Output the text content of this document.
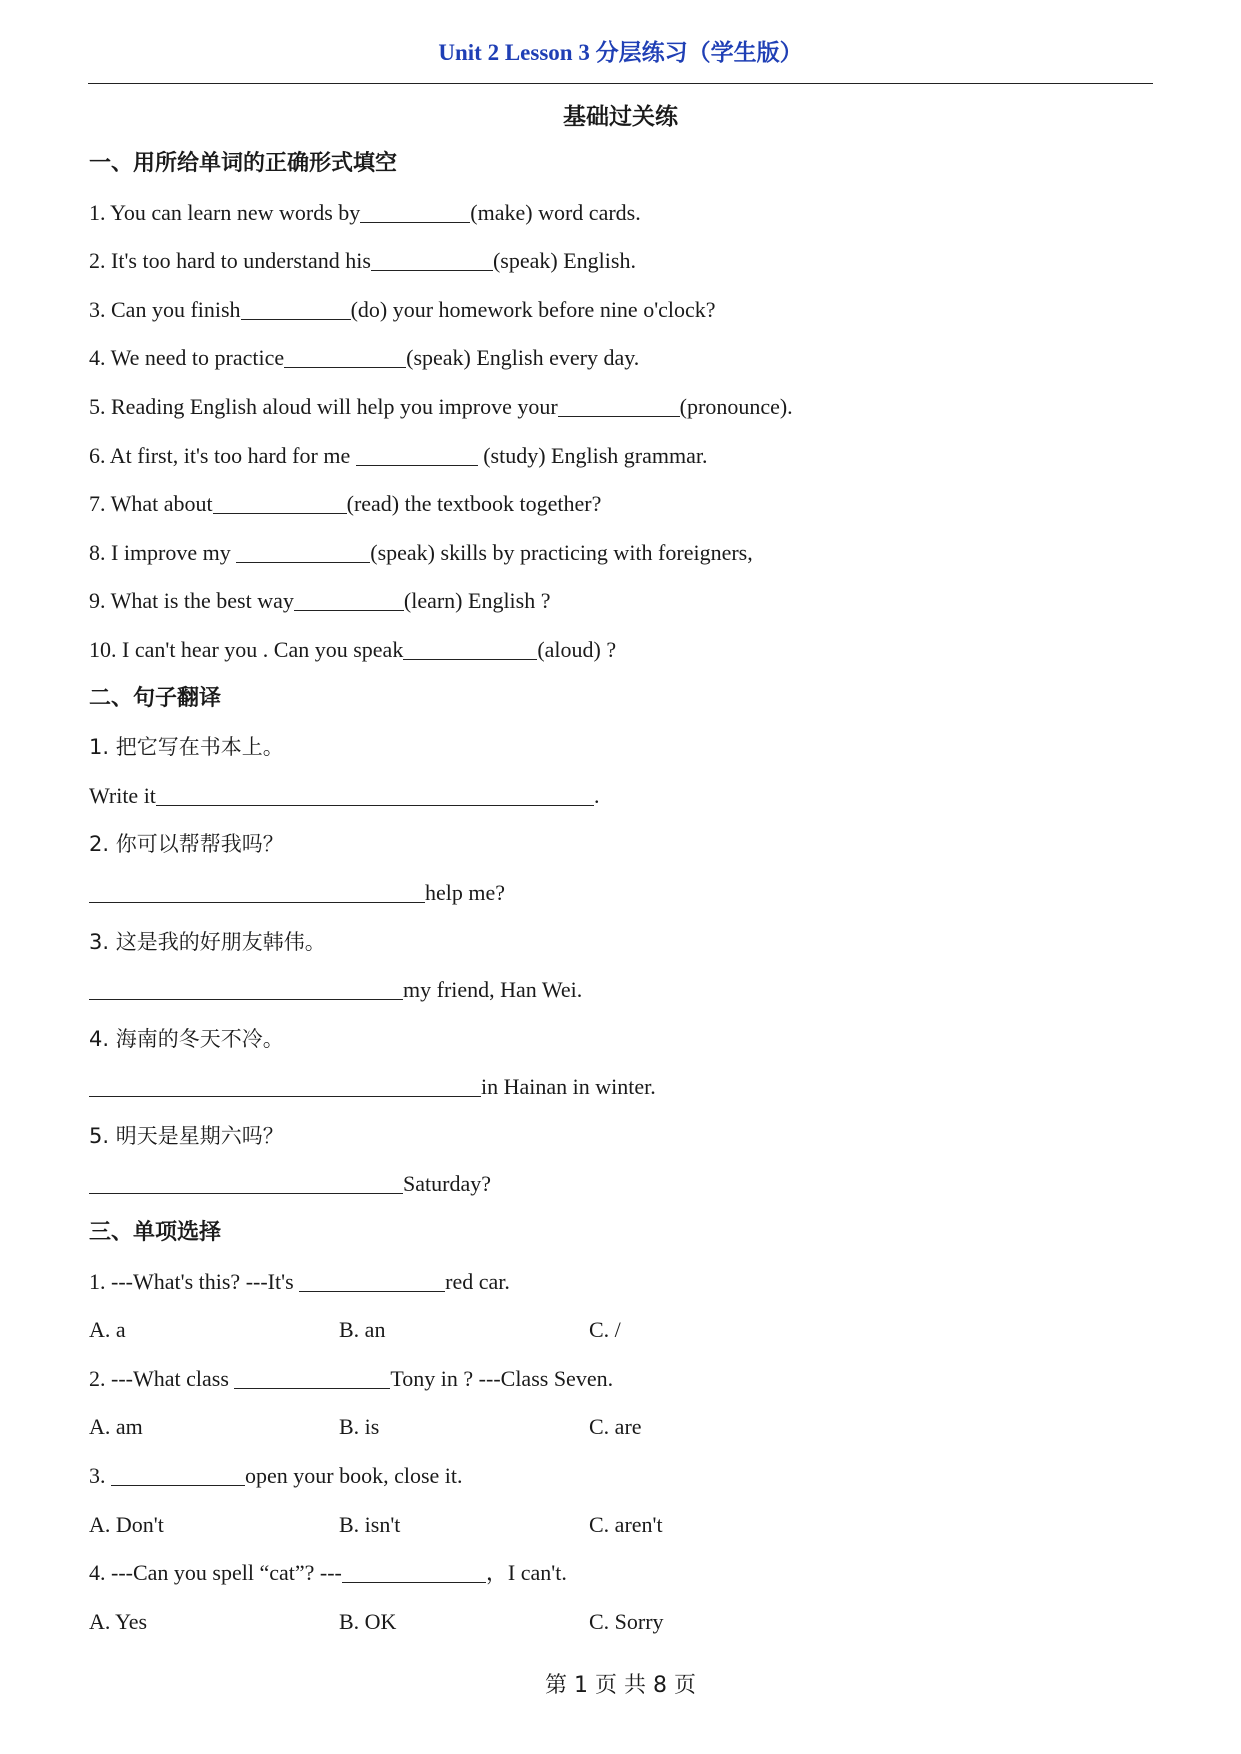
Unit 2 Lesson 3 分层练习（学生版）
基础过关练
一、用所给单词的正确形式填空
1. You can learn new words by	(make) word cards.
2. It's too hard to understand his	(speak) English.
3. Can you finish	(do) your homework before nine o'clock?
4. We need to practice	(speak) English every day.
5. Reading English aloud will help you improve your	(pronounce).
6. At first, it's too hard for me	(study) English grammar.
7. What about	(read) the textbook together?
8. I improve my	(speak) skills by practicing with foreigners,
9. What is the best way	(learn) English ?
10. I can't hear you . Can you speak	(aloud) ?
二、句子翻译
1. 把它写在书本上。
Write it	.
2. 你可以帮帮我吗？
help me?
3. 这是我的好朋友韩伟。
my friend, Han Wei.
4. 海南的冬天不冷。
in Hainan in winter.
5. 明天是星期六吗？
Saturday?
三、单项选择
1. ---What's this? ---It's	red car.
A. a	B. an	C. /
2. ---What class	Tony in ? ---Class Seven.
A. am	B. is	C. are
3.	open your book, close it.
A. Don't	B. isn't	C. aren't
4. ---Can you spell “cat”? ---	，I can't.
A. Yes	B. OK	C. Sorry
第 1 页 共 8 页
